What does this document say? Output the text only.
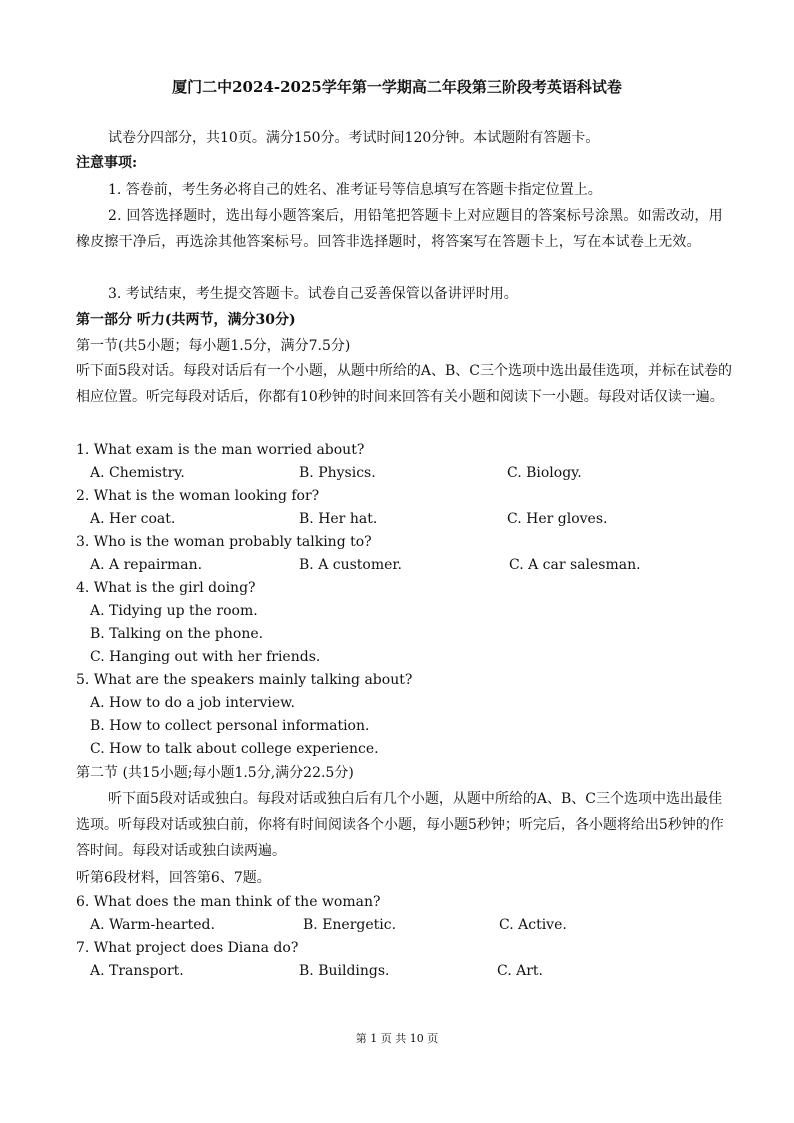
厦门二中2024-2025学年第一学期高二年段第三阶段考英语科试卷
试卷分四部分，共10页。满分150分。考试时间120分钟。本试题附有答题卡。
注意事项:
1. 答卷前，考生务必将自己的姓名、准考证号等信息填写在答题卡指定位置上。
2. 回答选择题时，选出每小题答案后，用铅笔把答题卡上对应题目的答案标号涂黑。如需改动，用橡皮擦干净后，再选涂其他答案标号。回答非选择题时，将答案写在答题卡上，写在本试卷上无效。
3. 考试结束，考生提交答题卡。试卷自己妥善保管以备讲评时用。
第一部分 听力(共两节，满分30分)
第一节(共5小题；每小题1.5分，满分7.5分)
听下面5段对话。每段对话后有一个小题，从题中所给的A、B、C三个选项中选出最佳选项，并标在试卷的相应位置。听完每段对话后，你都有10秒钟的时间来回答有关小题和阅读下一小题。每段对话仅读一遍。
1. What exam is the man worried about?
A. Chemistry.	B. Physics.	C. Biology.
2. What is the woman looking for?
A. Her coat.	B. Her hat.	C. Her gloves.
3. Who is the woman probably talking to?
A. A repairman.	B. A customer.	C. A car salesman.
4. What is the girl doing?
A. Tidying up the room.
B. Talking on the phone.
C. Hanging out with her friends.
5. What are the speakers mainly talking about?
A. How to do a job interview.
B. How to collect personal information.
C. How to talk about college experience.
第二节 (共15小题;每小题1.5分,满分22.5分)
听下面5段对话或独白。每段对话或独白后有几个小题，从题中所给的A、B、C三个选项中选出最佳选项。听每段对话或独白前，你将有时间阅读各个小题，每小题5秒钟；听完后，各小题将给出5秒钟的作答时间。每段对话或独白读两遍。
听第6段材料，回答第6、7题。
6. What does the man think of the woman?
A. Warm-hearted.	B. Energetic.	C. Active.
7. What project does Diana do?
A. Transport.	B. Buildings.	C. Art.
第 1 页 共 10 页
